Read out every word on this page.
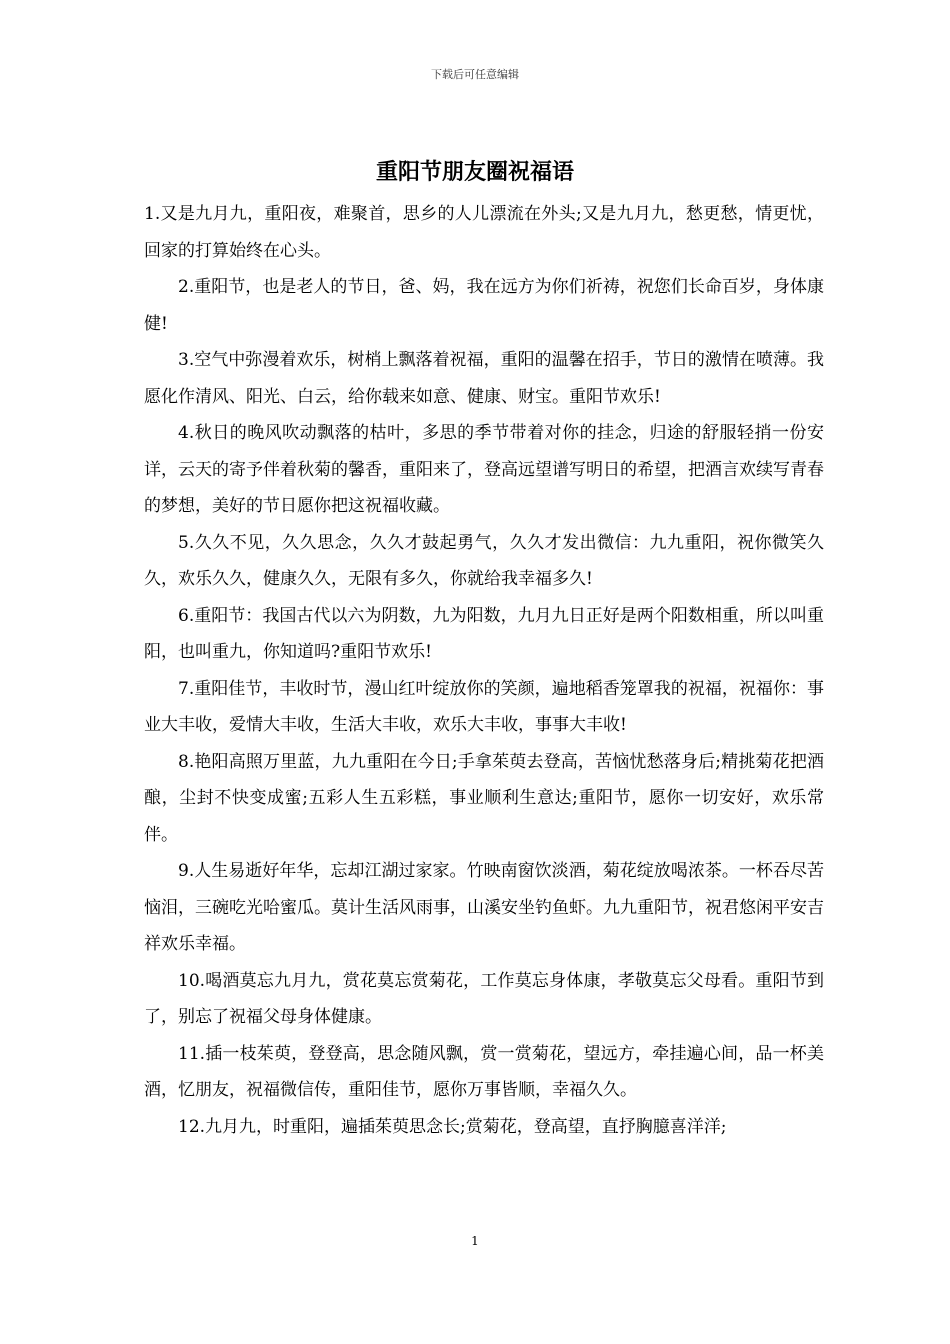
下载后可任意编辑
重阳节朋友圈祝福语

1.又是九月九，重阳夜，难聚首，思乡的人儿漂流在外头;又是九月九，愁更愁，情更忧，回家的打算始终在心头。

2.重阳节，也是老人的节日，爸、妈，我在远方为你们祈祷，祝您们长命百岁，身体康健!

3.空气中弥漫着欢乐，树梢上飘落着祝福，重阳的温馨在招手，节日的激情在喷薄。我愿化作清风、阳光、白云，给你载来如意、健康、财宝。重阳节欢乐!

4.秋日的晚风吹动飘落的枯叶，多思的季节带着对你的挂念，归途的舒服轻捎一份安详，云天的寄予伴着秋菊的馨香，重阳来了，登高远望谱写明日的希望，把酒言欢续写青春的梦想，美好的节日愿你把这祝福收藏。

5.久久不见，久久思念，久久才鼓起勇气，久久才发出微信：九九重阳，祝你微笑久久，欢乐久久，健康久久，无限有多久，你就给我幸福多久!

6.重阳节：我国古代以六为阴数，九为阳数，九月九日正好是两个阳数相重，所以叫重阳，也叫重九，你知道吗?重阳节欢乐!

7.重阳佳节，丰收时节，漫山红叶绽放你的笑颜，遍地稻香笼罩我的祝福，祝福你：事业大丰收，爱情大丰收，生活大丰收，欢乐大丰收，事事大丰收!

8.艳阳高照万里蓝，九九重阳在今日;手拿茱萸去登高，苦恼忧愁落身后;精挑菊花把酒酿，尘封不快变成蜜;五彩人生五彩糕，事业顺利生意达;重阳节，愿你一切安好，欢乐常伴。

9.人生易逝好年华，忘却江湖过家家。竹映南窗饮淡酒，菊花绽放喝浓茶。一杯吞尽苦恼泪，三碗吃光哈蜜瓜。莫计生活风雨事，山溪安坐钓鱼虾。九九重阳节，祝君悠闲平安吉祥欢乐幸福。

10.喝酒莫忘九月九，赏花莫忘赏菊花，工作莫忘身体康，孝敬莫忘父母看。重阳节到了，别忘了祝福父母身体健康。

11.插一枝茱萸，登登高，思念随风飘，赏一赏菊花，望远方，牵挂遍心间，品一杯美酒，忆朋友，祝福微信传，重阳佳节，愿你万事皆顺，幸福久久。

12.九月九，时重阳，遍插茱萸思念长;赏菊花，登高望，直抒胸臆喜洋洋;

1
